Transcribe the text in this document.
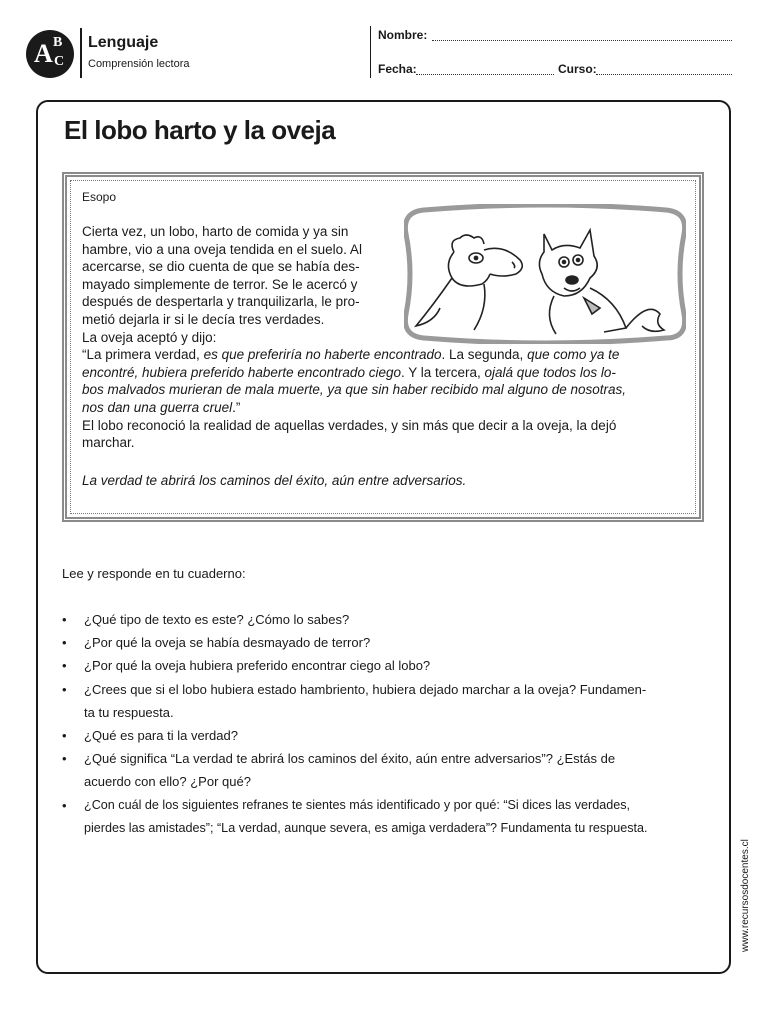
A B
C
Lenguaje
Comprensión lectora
Nombre:
Fecha:	Curso:
El lobo harto y la oveja
Esopo
Cierta vez, un lobo, harto de comida y ya sin
hambre, vio a una oveja tendida en el suelo. Al
acercarse, se dio cuenta de que se había des-
mayado simplemente de terror. Se le acercó y
después de despertarla y tranquilizarla, le pro-
metió dejarla ir si le decía tres verdades.
La oveja aceptó y dijo:
“La primera verdad, es que preferiría no haberte encontrado. La segunda, que como ya te
encontré, hubiera preferido haberte encontrado ciego. Y la tercera, ojalá que todos los lo-
bos malvados murieran de mala muerte, ya que sin haber recibido mal alguno de nosotras,
nos dan una guerra cruel.”
El lobo reconoció la realidad de aquellas verdades, y sin más que decir a la oveja, la dejó
marchar.
La verdad te abrirá los caminos del éxito, aún entre adversarios.
Lee y responde en tu cuaderno:
• ¿Qué tipo de texto es este? ¿Cómo lo sabes?
• ¿Por qué la oveja se había desmayado de terror?
• ¿Por qué la oveja hubiera preferido encontrar ciego al lobo?
• ¿Crees que si el lobo hubiera estado hambriento, hubiera dejado marchar a la oveja? Fundamen-
ta tu respuesta.
• ¿Qué es para ti la verdad?
• ¿Qué significa “La verdad te abrirá los caminos del éxito, aún entre adversarios”? ¿Estás de
acuerdo con ello? ¿Por qué?
• ¿Con cuál de los siguientes refranes te sientes más identificado y por qué: “Si dices las verdades,
pierdes las amistades”; “La verdad, aunque severa, es amiga verdadera”? Fundamenta tu respuesta.
www.recursosdocentes.cl
